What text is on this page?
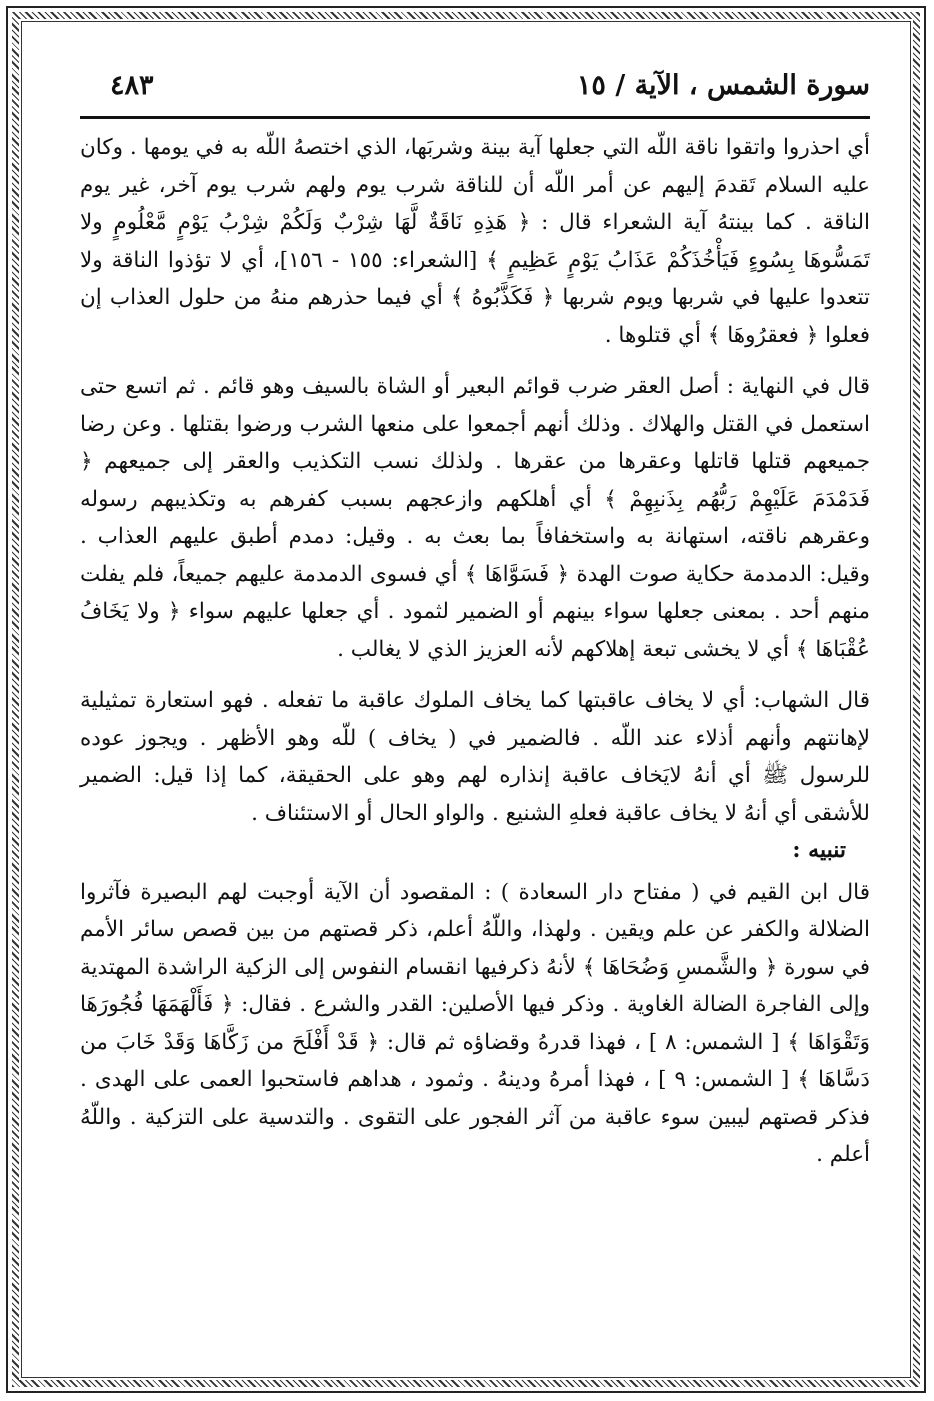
سورة الشمس ، الآية / ١٥
٤٨٣

أي احذروا واتقوا ناقة اللّه التي جعلها آية بينة وشربَها، الذي اختصهُ اللّه به في يومها . وكان عليه السلام تَقدمَ إليهم عن أمر اللّه أن للناقة شرب يوم ولهم شرب يوم آخر، غير يوم الناقة . كما بينتهُ آية الشعراء قال : ﴿ هَذِهِ نَاقَةٌ لَّهَا شِرْبٌ وَلَكُمْ شِرْبُ يَوْمٍ مَّعْلُومٍ ولا تَمَسُّوهَا بِسُوءٍ فَيَأْخُذَكُمْ عَذَابُ يَوْمٍ عَظِيمٍ ﴾ [الشعراء: ١٥٥ - ١٥٦]، أي لا تؤذوا الناقة ولا تتعدوا عليها في شربها ويوم شربها ﴿ فَكَذَّبُوهُ ﴾ أي فيما حذرهم منهُ من حلول العذاب إن فعلوا ﴿ فعقرُوهَا ﴾ أي قتلوها .

قال في النهاية : أصل العقر ضرب قوائم البعير أو الشاة بالسيف وهو قائم . ثم اتسع حتى استعمل في القتل والهلاك . وذلك أنهم أجمعوا على منعها الشرب ورضوا بقتلها . وعن رضا جميعهم قتلها قاتلها وعقرها من عقرها . ولذلك نسب التكذيب والعقر إلى جميعهم ﴿ فَدَمْدَمَ عَلَيْهِمْ رَبُّهُم بِذَنبِهِمْ ﴾ أي أهلكهم وازعجهم بسبب كفرهم به وتكذيبهم رسوله وعقرهم ناقته، استهانة به واستخفافاً بما بعث به . وقيل: دمدم أطبق عليهم العذاب . وقيل: الدمدمة حكاية صوت الهدة ﴿ فَسَوَّاهَا ﴾ أي فسوى الدمدمة عليهم جميعاً، فلم يفلت منهم أحد . بمعنى جعلها سواء بينهم أو الضمير لثمود . أي جعلها عليهم سواء ﴿ ولا يَخَافُ عُقْبَاهَا ﴾ أي لا يخشى تبعة إهلاكهم لأنه العزيز الذي لا يغالب .

قال الشهاب: أي لا يخاف عاقبتها كما يخاف الملوك عاقبة ما تفعله . فهو استعارة تمثيلية لإهانتهم وأنهم أذلاء عند اللّه . فالضمير في ( يخاف ) للّه وهو الأظهر . ويجوز عوده للرسول ﷺ أي أنهُ لايَخاف عاقبة إنذاره لهم وهو على الحقيقة، كما إذا قيل: الضمير للأشقى أي أنهُ لا يخاف عاقبة فعلهِ الشنيع . والواو الحال أو الاستئناف .

تنبيه :

قال ابن القيم في ( مفتاح دار السعادة ) : المقصود أن الآية أوجبت لهم البصيرة فآثروا الضلالة والكفر عن علم ويقين . ولهذا، واللّهُ أعلم، ذكر قصتهم من بين قصص سائر الأمم في سورة ﴿ والشَّمسِ وَضُحَاهَا ﴾ لأنهُ ذكرفيها انقسام النفوس إلى الزكية الراشدة المهتدية وإلى الفاجرة الضالة الغاوية . وذكر فيها الأصلين: القدر والشرع . فقال: ﴿ فَأَلْهَمَهَا فُجُورَهَا وَتَقْوَاهَا ﴾ [ الشمس: ٨ ] ، فهذا قدرهُ وقضاؤه ثم قال: ﴿ قَدْ أَفْلَحَ من زَكَّاهَا وَقَدْ خَابَ من دَسَّاهَا ﴾ [ الشمس: ٩ ] ، فهذا أمرهُ ودينهُ . وثمود ، هداهم فاستحبوا العمى على الهدى . فذكر قصتهم ليبين سوء عاقبة من آثر الفجور على التقوى . والتدسية على التزكية . واللّهُ أعلم .
